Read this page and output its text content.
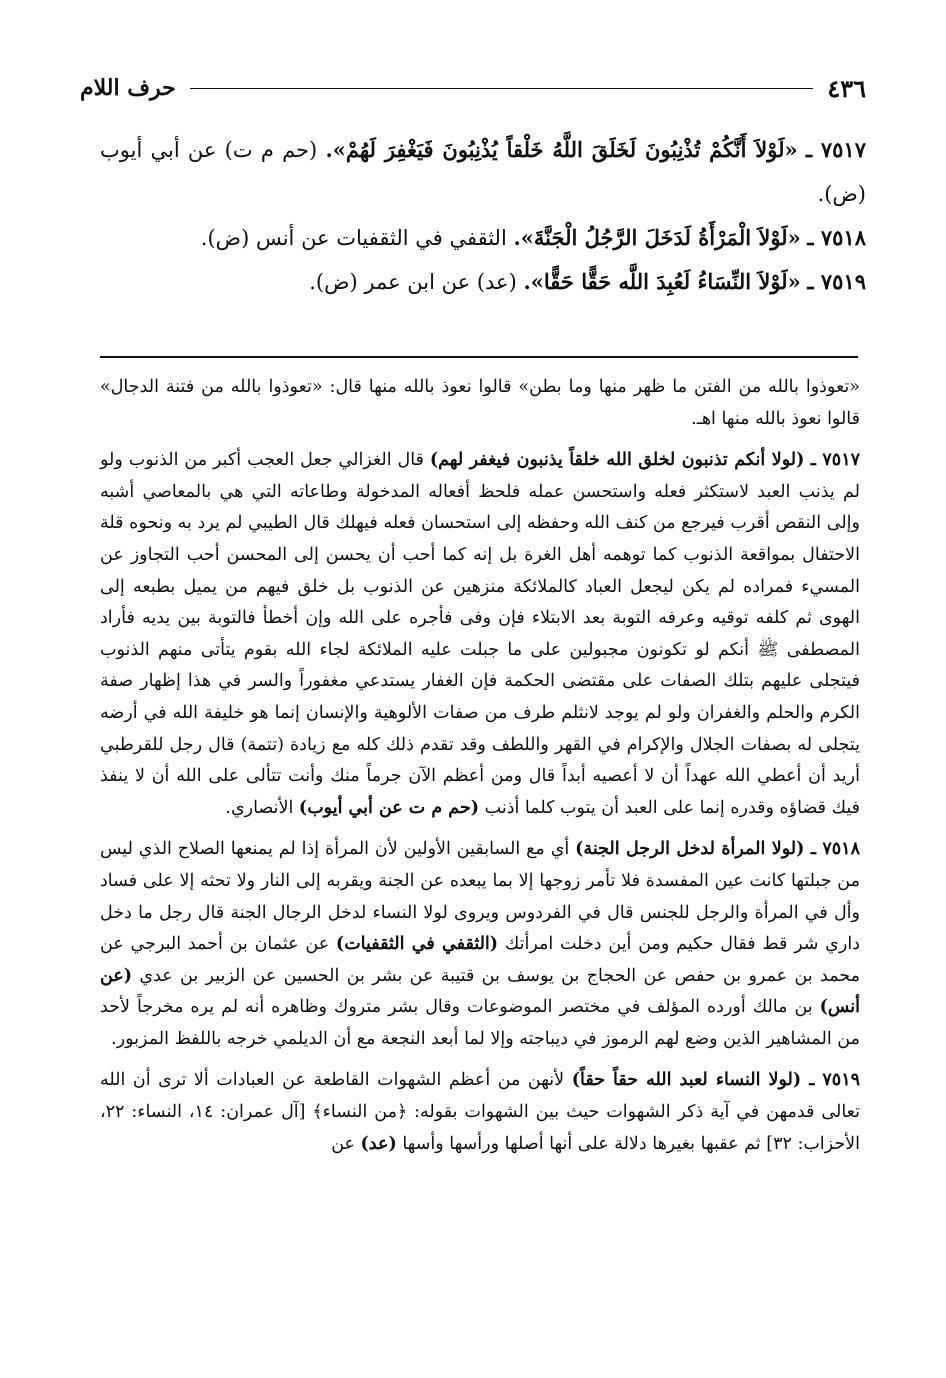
٤٣٦
حرف اللام

٧٥١٧ ـ «لَوْلاَ أَنَّكُمْ تُذْنِبُونَ لَخَلَقَ اللَّهُ خَلْقاً يُذْنِبُونَ فَيَغْفِرَ لَهُمْ». (حم م ت) عن أبي أيوب (ض).

٧٥١٨ ـ «لَوْلاَ الْمَرْأَةُ لَدَخَلَ الرَّجُلُ الْجَنَّةَ». الثقفي في الثقفيات عن أنس (ض).

٧٥١٩ ـ «لَوْلاَ النِّسَاءُ لَعُبِدَ اللَّه حَقًّا حَقًّا». (عد) عن ابن عمر (ض).

«تعوذوا بالله من الفتن ما ظهر منها وما بطن» قالوا نعوذ بالله منها قال: «تعوذوا بالله من فتنة الدجال» قالوا نعوذ بالله منها اهـ.

٧٥١٧ ـ (لولا أنكم تذنبون لخلق الله خلقاً يذنبون فيغفر لهم) قال الغزالي جعل العجب أكبر من الذنوب ولو لم يذنب العبد لاستكثر فعله واستحسن عمله فلحظ أفعاله المدخولة وطاعاته التي هي بالمعاصي أشبه وإلى النقص أقرب فيرجع من كنف الله وحفظه إلى استحسان فعله فيهلك قال الطيبي لم يرد به ونحوه قلة الاحتفال بمواقعة الذنوب كما توهمه أهل الغرة بل إنه كما أحب أن يحسن إلى المحسن أحب التجاوز عن المسيء فمراده لم يكن ليجعل العباد كالملائكة منزهين عن الذنوب بل خلق فيهم من يميل بطبعه إلى الهوى ثم كلفه توقيه وعرفه التوبة بعد الابتلاء فإن وفى فأجره على الله وإن أخطأ فالتوبة بين يديه فأراد المصطفى ﷺ أنكم لو تكونون مجبولين على ما جبلت عليه الملائكة لجاء الله بقوم يتأتى منهم الذنوب فيتجلى عليهم بتلك الصفات على مقتضى الحكمة فإن الغفار يستدعي مغفوراً والسر في هذا إظهار صفة الكرم والحلم والغفران ولو لم يوجد لانثلم طرف من صفات الألوهية والإنسان إنما هو خليفة الله في أرضه يتجلى له بصفات الجلال والإكرام في القهر واللطف وقد تقدم ذلك كله مع زيادة (تتمة) قال رجل للقرطبي أريد أن أعطي الله عهداً أن لا أعصيه أبداً قال ومن أعظم الآن جرماً منك وأنت تتألى على الله أن لا ينفذ فيك قضاؤه وقدره إنما على العبد أن يتوب كلما أذنب (حم م ت عن أبي أيوب) الأنصاري.

٧٥١٨ ـ (لولا المرأة لدخل الرجل الجنة) أي مع السابقين الأولين لأن المرأة إذا لم يمنعها الصلاح الذي ليس من جبلتها كانت عين المفسدة فلا تأمر زوجها إلا بما يبعده عن الجنة ويقربه إلى النار ولا تحثه إلا على فساد وأل في المرأة والرجل للجنس قال في الفردوس ويروى لولا النساء لدخل الرجال الجنة قال رجل ما دخل داري شر قط فقال حكيم ومن أين دخلت امرأتك (الثقفي في الثقفيات) عن عثمان بن أحمد البرجي عن محمد بن عمرو بن حفص عن الحجاج بن يوسف بن قتيبة عن بشر بن الحسين عن الزبير بن عدي (عن أنس) بن مالك أورده المؤلف في مختصر الموضوعات وقال بشر متروك وظاهره أنه لم يره مخرجاً لأحد من المشاهير الذين وضع لهم الرموز في ديباجته وإلا لما أبعد النجعة مع أن الديلمي خرجه باللفظ المزبور.

٧٥١٩ ـ (لولا النساء لعبد الله حقاً حقاً) لأنهن من أعظم الشهوات القاطعة عن العبادات ألا ترى أن الله تعالى قدمهن في آية ذكر الشهوات حيث بين الشهوات بقوله: ﴿من النساء﴾ [آل عمران: ١٤، النساء: ٢٢، الأحزاب: ٣٢] ثم عقبها بغيرها دلالة على أنها أصلها ورأسها وأسها (عد) عن
